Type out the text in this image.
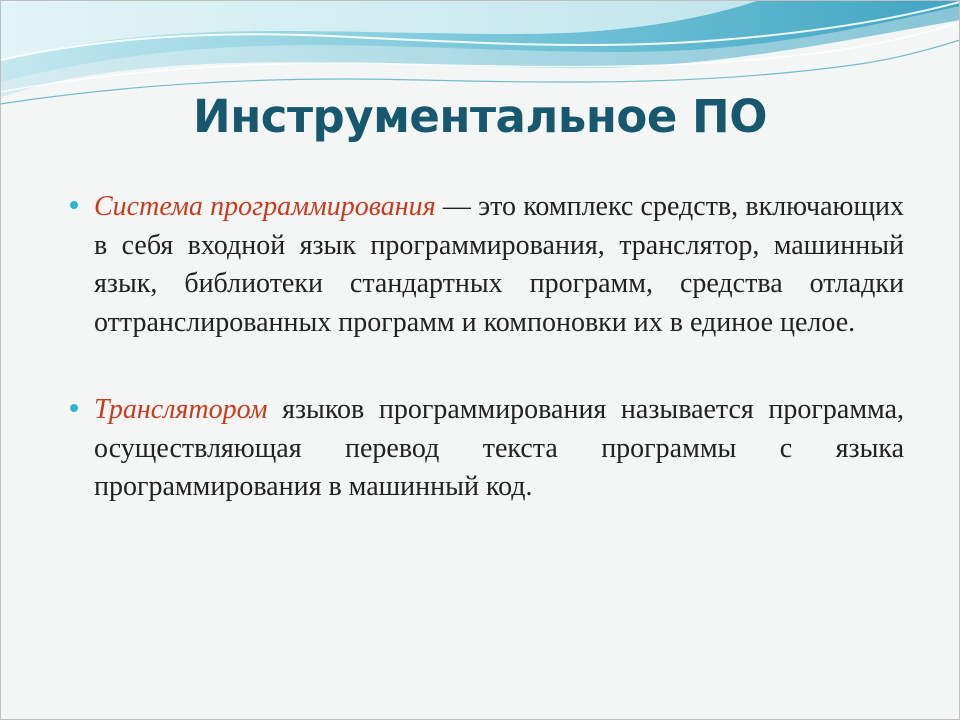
Инструментальное ПО

Система программирования — это комплекс средств, включающих в себя входной язык программирования, транслятор, машинный язык, библиотеки стандартных программ, средства отладки оттранслированных программ и компоновки их в единое целое.

Транслятором языков программирования называется программа, осуществляющая перевод текста программы с языка программирования в машинный код.
